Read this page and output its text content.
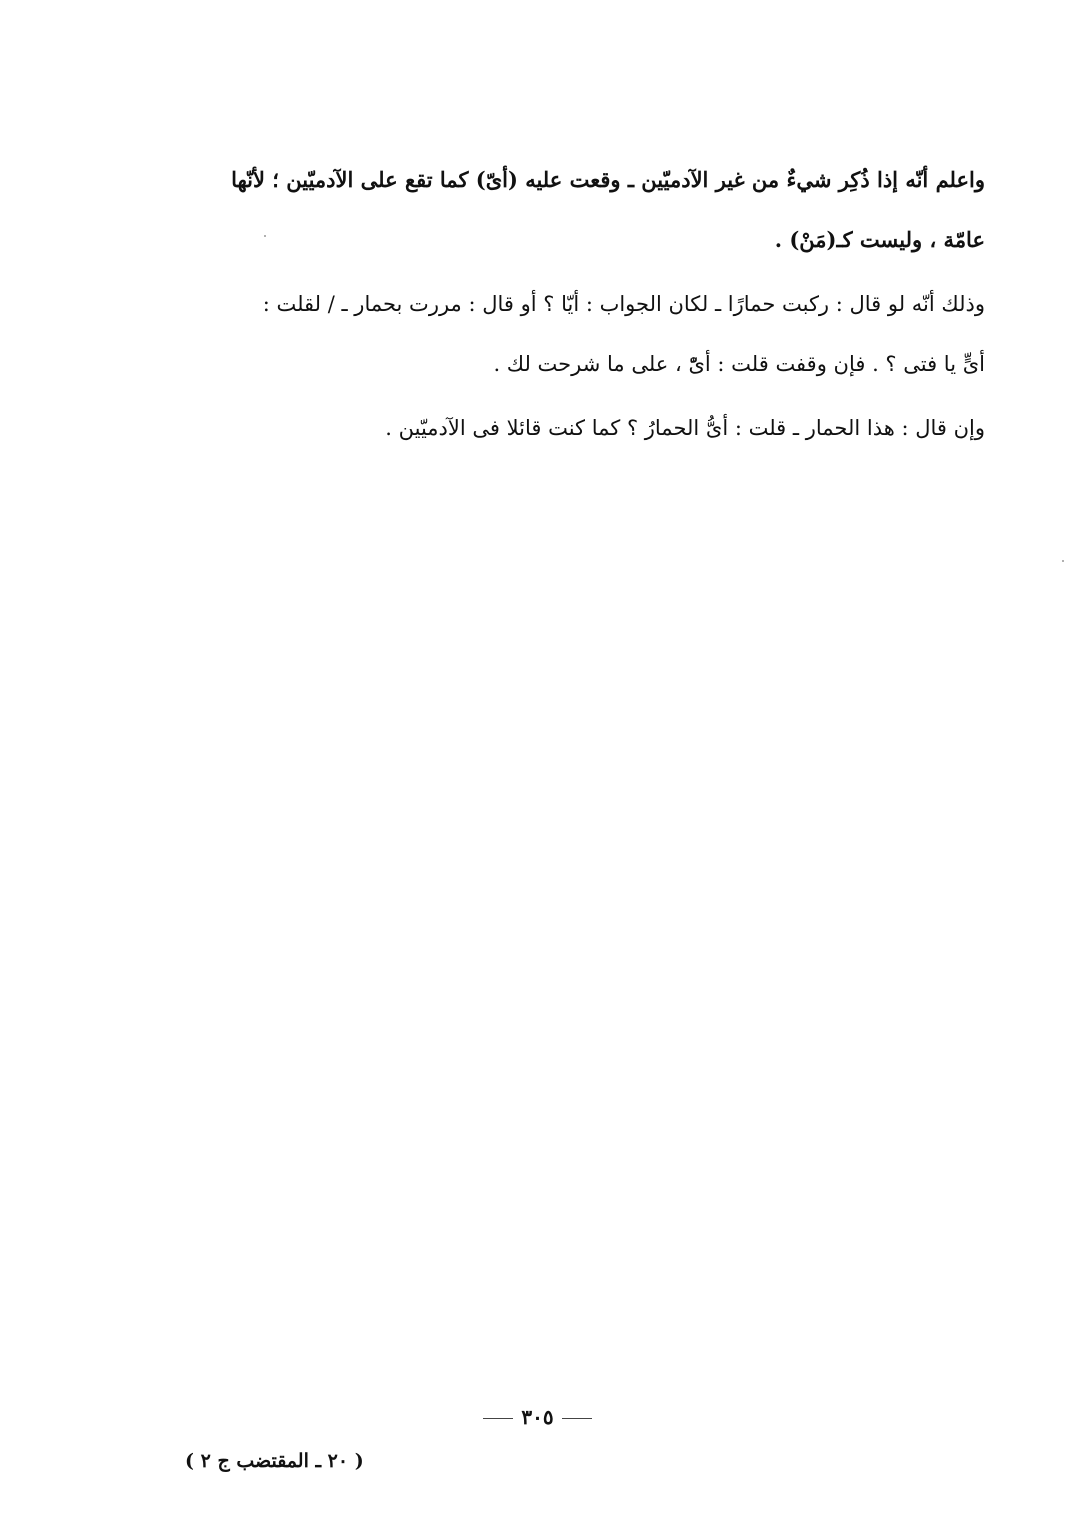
واعلم أنّه إذا ذُكِر شيءٌ من غير الآدميّين ـ وقعت عليه (أىّ) كما تقع على الآدميّين ؛ لأنّها
عامّة ، وليست كـ(مَنْ) .

وذلك أنّه لو قال : ركبت حمارًا ـ لكان الجواب : أيّا ؟ أو قال : مررت بحمار ـ / لقلت :
أىٍّ يا فتى ؟ . فإن وقفت قلت : أىّْ ، على ما شرحت لك .

وإن قال : هذا الحمار ـ قلت : أىُّ الحمارُ ؟ كما كنت قائلا فى الآدميّين .

٣٠٥
( ٢٠ ـ المقتضب ج ٢ )
